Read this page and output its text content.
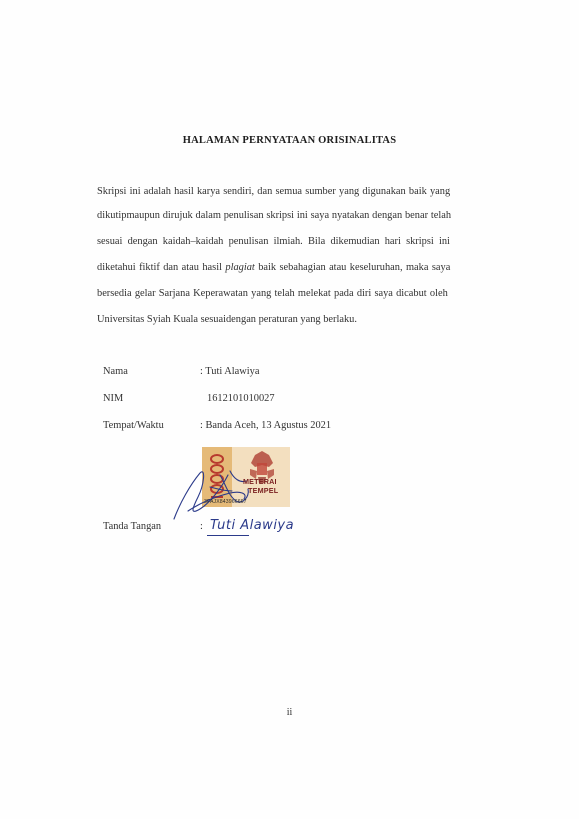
HALAMAN PERNYATAAN ORISINALITAS
Skripsi ini adalah hasil karya sendiri, dan semua sumber yang digunakan baik yang
dikutipmaupun dirujuk dalam penulisan skripsi ini saya nyatakan dengan benar telah
sesuai dengan kaidah–kaidah penulisan ilmiah. Bila dikemudian hari skripsi ini
diketahui fiktif dan atau hasil plagiat baik sebahagian atau keseluruhan, maka saya
bersedia gelar Sarjana Keperawatan yang telah melekat pada diri saya dicabut oleh
Universitas Syiah Kuala sesuaidengan peraturan yang berlaku.
Nama	: Tuti Alawiya
NIM	1612101010027
Tempat/Waktu	: Banda Aceh, 13 Agustus 2021
METERAI
TEMPEL
3FAJX843966667
Tanda Tangan	: Tuti Alawiya
ii
